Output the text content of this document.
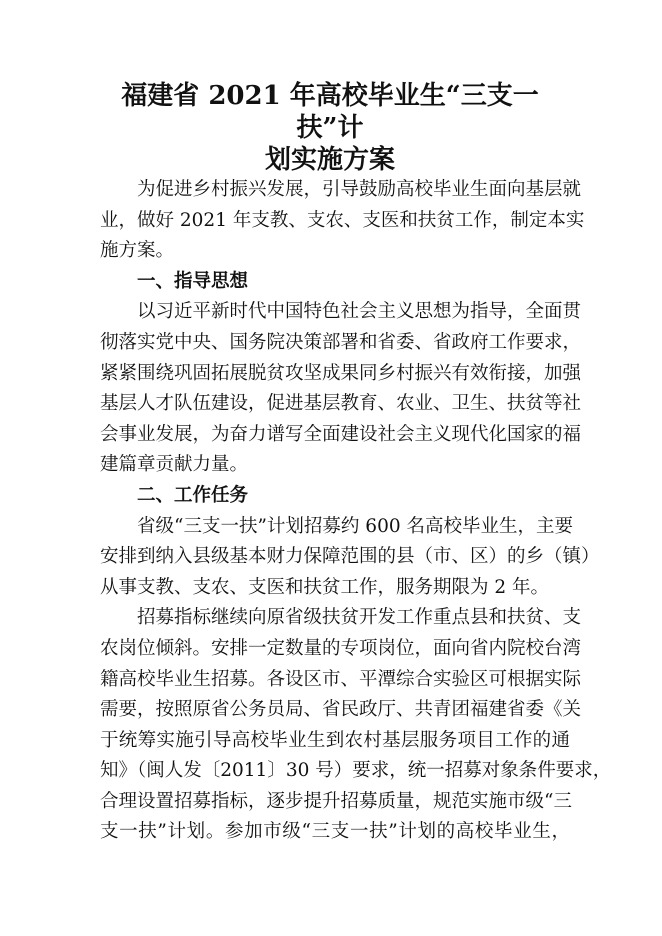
福建省 2021 年高校毕业生“三支一扶”计
划实施方案
为促进乡村振兴发展，引导鼓励高校毕业生面向基层就
业，做好 2021 年支教、支农、支医和扶贫工作，制定本实
施方案。
一、指导思想
以习近平新时代中国特色社会主义思想为指导，全面贯
彻落实党中央、国务院决策部署和省委、省政府工作要求，
紧紧围绕巩固拓展脱贫攻坚成果同乡村振兴有效衔接，加强
基层人才队伍建设，促进基层教育、农业、卫生、扶贫等社
会事业发展，为奋力谱写全面建设社会主义现代化国家的福
建篇章贡献力量。
二、工作任务
省级“三支一扶”计划招募约 600 名高校毕业生，主要
安排到纳入县级基本财力保障范围的县（市、区）的乡（镇）
从事支教、支农、支医和扶贫工作，服务期限为 2 年。
招募指标继续向原省级扶贫开发工作重点县和扶贫、支
农岗位倾斜。安排一定数量的专项岗位，面向省内院校台湾
籍高校毕业生招募。各设区市、平潭综合实验区可根据实际
需要，按照原省公务员局、省民政厅、共青团福建省委《关
于统筹实施引导高校毕业生到农村基层服务项目工作的通
知》（闽人发〔2011〕30 号）要求，统一招募对象条件要求，
合理设置招募指标，逐步提升招募质量，规范实施市级“三
支一扶”计划。参加市级“三支一扶”计划的高校毕业生，
